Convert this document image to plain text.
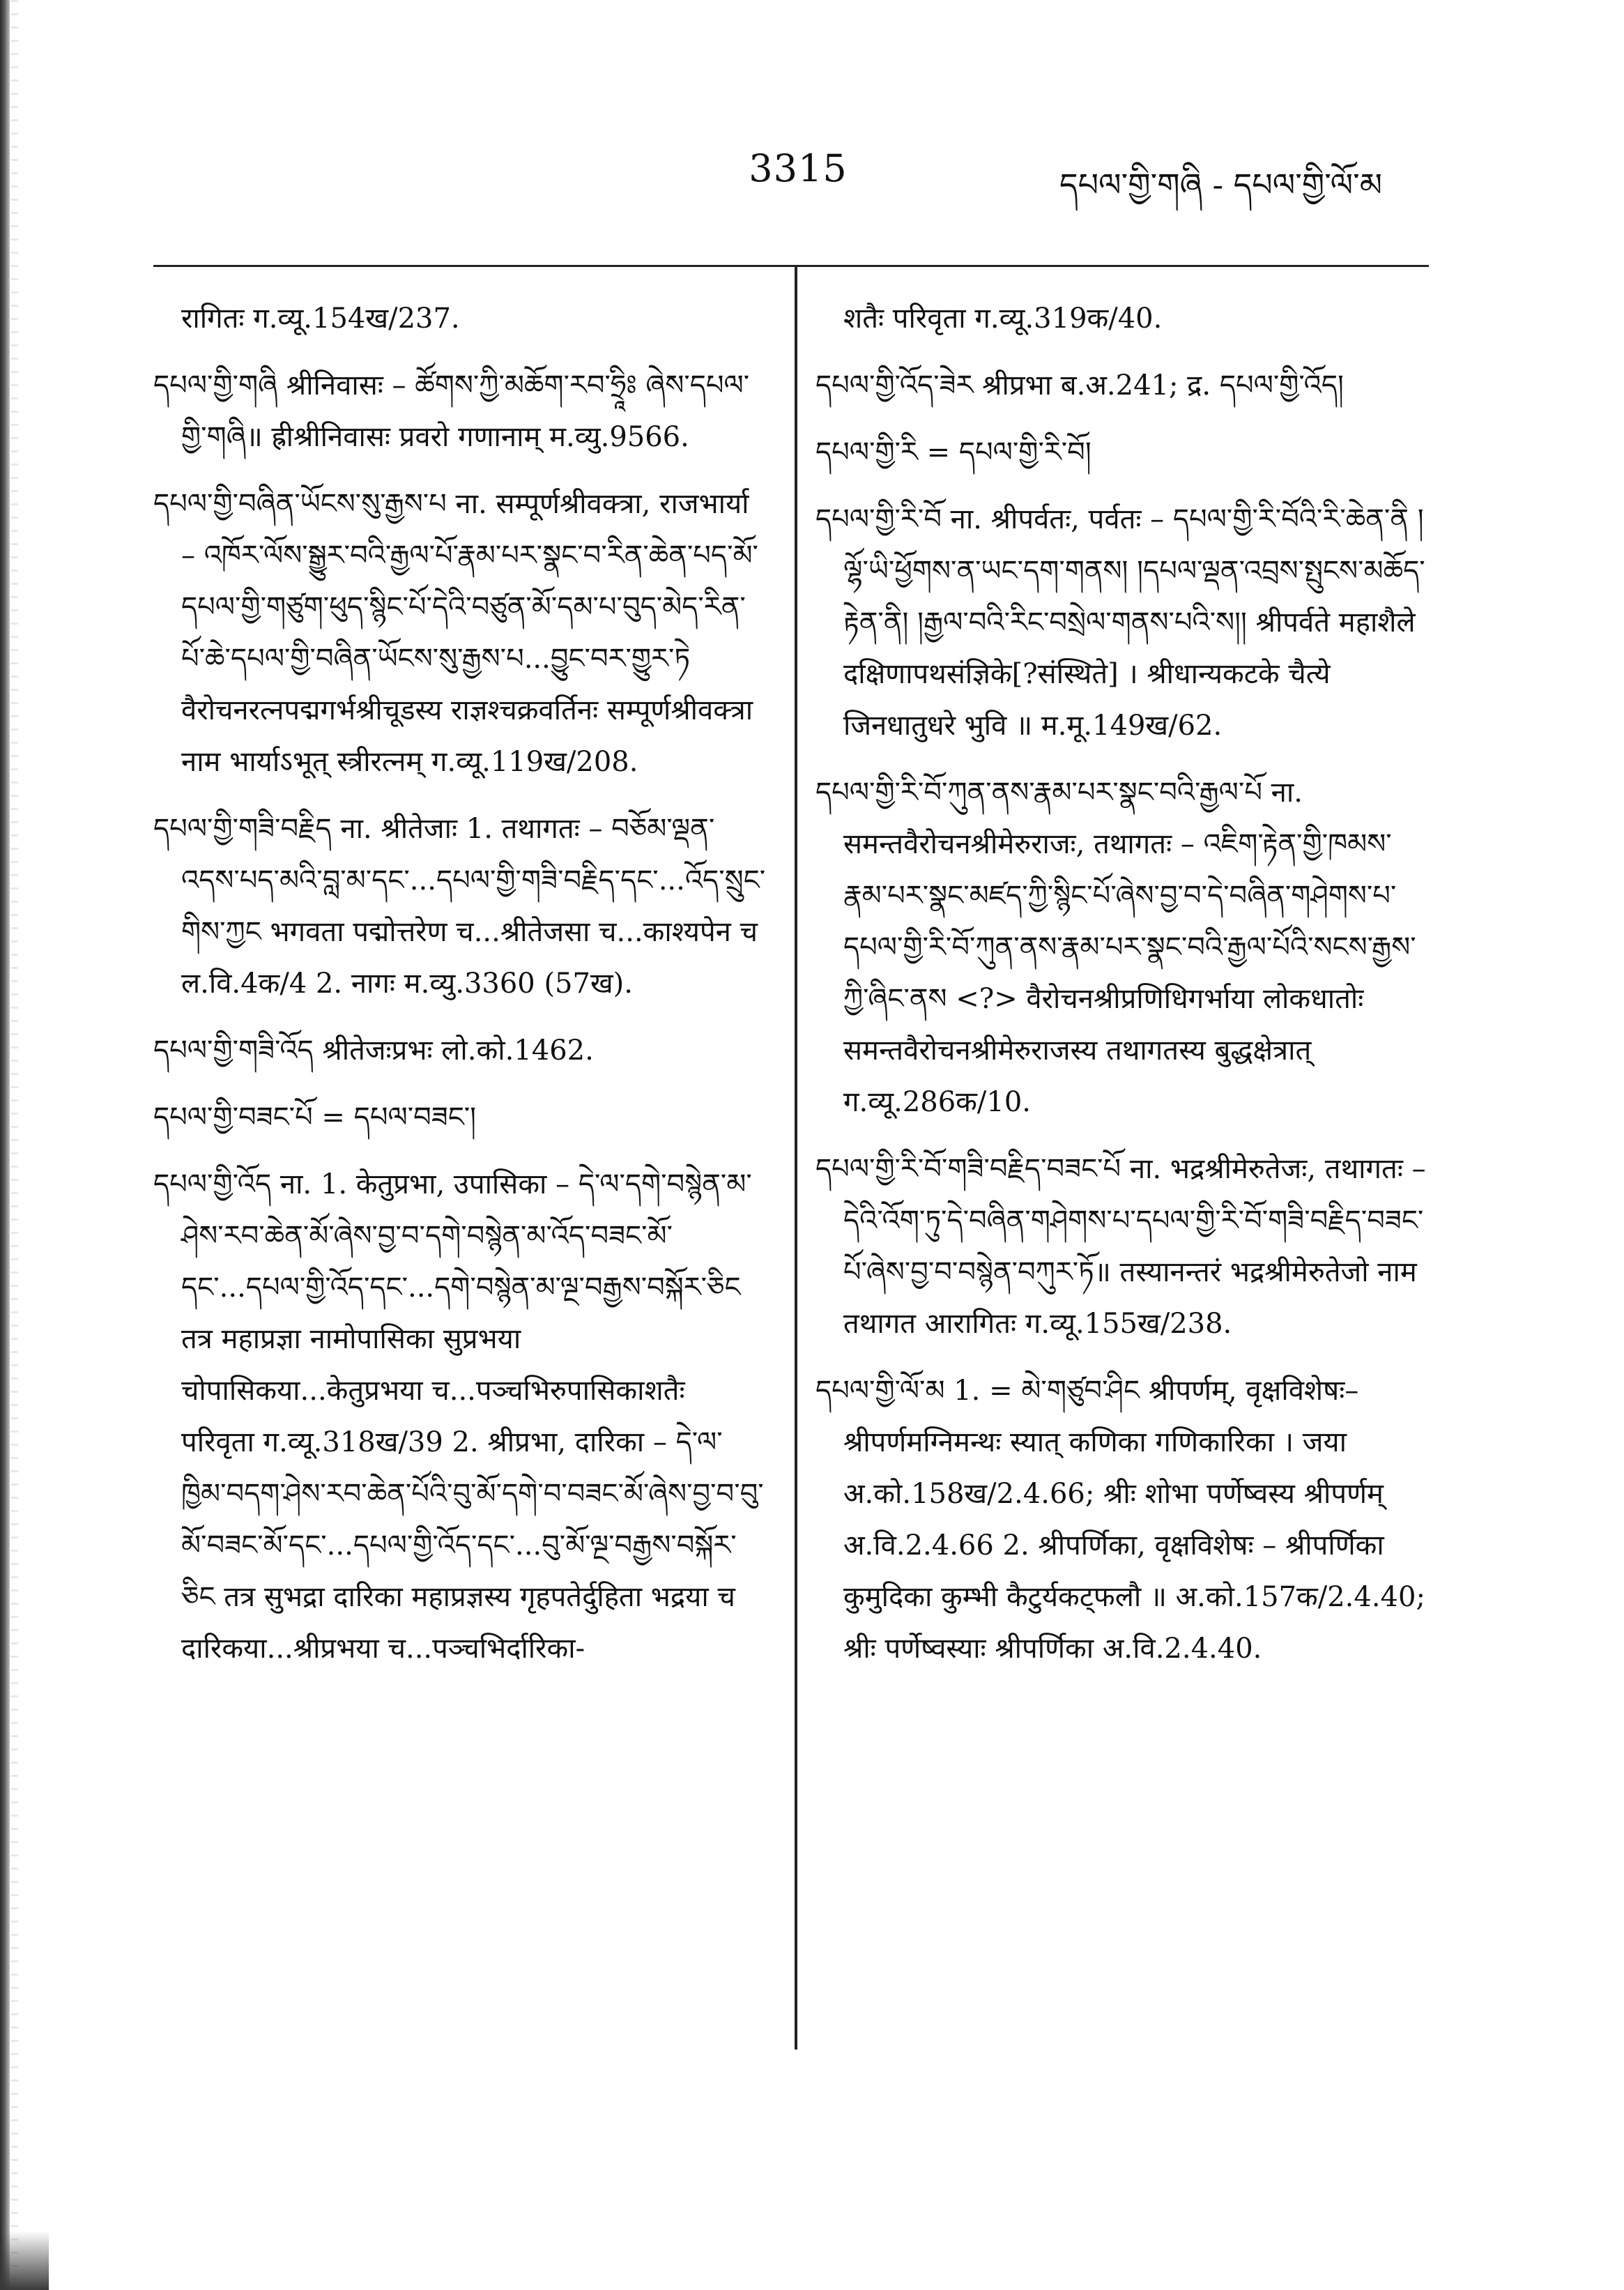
3315	དཔལ་གྱི་གཞི - དཔལ་གྱི་ལོ་མ

रागितः ग.व्यू.154ख/237.

དཔལ་གྱི་གཞི श्रीनिवासः – ཚོགས་ཀྱི་མཆོག་རབ་ཧྲཱིཿ ཞེས་དཔལ་གྱི་གཞི॥ ह्रीश्रीनिवासः प्रवरो गणानाम् म.व्यु.9566.

དཔལ་གྱི་བཞིན་ཡོངས་སུ་རྒྱས་པ ना. सम्पूर्णश्रीवक्त्रा, राजभार्या – འཁོར་ལོས་སྒྱུར་བའི་རྒྱལ་པོ་རྣམ་པར་སྣང་བ་རིན་ཆེན་པད་མོ་དཔལ་གྱི་གཙུག་ཕུད་སྙིང་པོ་དེའི་བཙུན་མོ་དམ་པ་བུད་མེད་རིན་པོ་ཆེ་དཔལ་གྱི་བཞིན་ཡོངས་སུ་རྒྱས་པ...བྱུང་བར་གྱུར་ཏེ वैरोचनरत्नपद्मगर्भश्रीचूडस्य राज्ञश्चक्रवर्तिनः सम्पूर्णश्रीवक्त्रा नाम भार्याऽभूत् स्त्रीरत्नम् ग.व्यू.119ख/208.

དཔལ་གྱི་གཟི་བརྗིད ना. श्रीतेजाः 1. तथागतः – བཅོམ་ལྡན་འདས་པད་མའི་བླ་མ་དང་...དཔལ་གྱི་གཟི་བརྗིད་དང་...འོད་སྲུང་གིས་ཀྱང भगवता पद्मोत्तरेण च...श्रीतेजसा च...काश्यपेन च ल.वि.4क/4 2. नागः म.व्यु.3360 (57ख).

དཔལ་གྱི་གཟི་འོད श्रीतेजःप्रभः लो.को.1462.

དཔལ་གྱི་བཟང་པོ = དཔལ་བཟང་།

དཔལ་གྱི་འོད ना. 1. केतुप्रभा, उपासिका – དེ་ལ་དགེ་བསྙེན་མ་ཤེས་རབ་ཆེན་མོ་ཞེས་བྱ་བ་དགེ་བསྙེན་མ་འོད་བཟང་མོ་དང་...དཔལ་གྱི་འོད་དང་...དགེ་བསྙེན་མ་ལྔ་བརྒྱས་བསྐོར་ཅིང तत्र महाप्रज्ञा नामोपासिका सुप्रभया चोपासिकया...केतुप्रभया च...पञ्चभिरुपासिकाशतैः परिवृता ग.व्यू.318ख/39 2. श्रीप्रभा, दारिका – དེ་ལ་ཁྱིམ་བདག་ཤེས་རབ་ཆེན་པོའི་བུ་མོ་དགེ་བ་བཟང་མོ་ཞེས་བྱ་བ་བུ་མོ་བཟང་མོ་དང་...དཔལ་གྱི་འོད་དང་...བུ་མོ་ལྔ་བརྒྱས་བསྐོར་ཅིང तत्र सुभद्रा दारिका महाप्रज्ञस्य गृहपतेर्दुहिता भद्रया च दारिकया...श्रीप्रभया च...पञ्चभिर्दारिका-

शतैः परिवृता ग.व्यू.319क/40.

དཔལ་གྱི་འོད་ཟེར श्रीप्रभा ब.अ.241; द्र. དཔལ་གྱི་འོད།

དཔལ་གྱི་རི = དཔལ་གྱི་རི་བོ།

དཔལ་གྱི་རི་བོ ना. श्रीपर्वतः, पर्वतः – དཔལ་གྱི་རི་བོའི་རི་ཆེན་ནི །ལྷོ་ཡི་ཕྱོགས་ན་ཡང་དག་གནས། །དཔལ་ལྡན་འབྲས་སྤུངས་མཆོད་རྟེན་ནི། །རྒྱལ་བའི་རིང་བསྲེལ་གནས་པའི་ས།། श्रीपर्वते महाशैले दक्षिणापथसंज्ञिके[?संस्थिते] । श्रीधान्यकटके चैत्ये जिनधातुधरे भुवि ॥ म.मू.149ख/62.

དཔལ་གྱི་རི་བོ་ཀུན་ནས་རྣམ་པར་སྣང་བའི་རྒྱལ་པོ ना. समन्तवैरोचनश्रीमेरुराजः, तथागतः – འཇིག་རྟེན་གྱི་ཁམས་རྣམ་པར་སྣང་མཛད་ཀྱི་སྙིང་པོ་ཞེས་བྱ་བ་དེ་བཞིན་གཤེགས་པ་དཔལ་གྱི་རི་བོ་ཀུན་ནས་རྣམ་པར་སྣང་བའི་རྒྱལ་པོའི་སངས་རྒྱས་ཀྱི་ཞིང་ནས <?> वैरोचनश्रीप्रणिधिगर्भाया लोकधातोः समन्तवैरोचनश्रीमेरुराजस्य तथागतस्य बुद्धक्षेत्रात् ग.व्यू.286क/10.

དཔལ་གྱི་རི་བོ་གཟི་བརྗིད་བཟང་པོ ना. भद्रश्रीमेरुतेजः, तथागतः – དེའི་འོག་ཏུ་དེ་བཞིན་གཤེགས་པ་དཔལ་གྱི་རི་བོ་གཟི་བརྗིད་བཟང་པོ་ཞེས་བྱ་བ་བསྙེན་བཀུར་ཏོ॥ तस्यानन्तरं भद्रश्रीमेरुतेजो नाम तथागत आरागितः ग.व्यू.155ख/238.

དཔལ་གྱི་ལོ་མ 1. = མེ་གཙུབ་ཤིང श्रीपर्णम्, वृक्षविशेषः– श्रीपर्णमग्निमन्थः स्यात् कणिका गणिकारिका । जया अ.को.158ख/2.4.66; श्रीः शोभा पर्णेष्वस्य श्रीपर्णम् अ.वि.2.4.66 2. श्रीपर्णिका, वृक्षविशेषः – श्रीपर्णिका कुमुदिका कुम्भी कैटुर्यकट्फलौ ॥ अ.को.157क/2.4.40; श्रीः पर्णेष्वस्याः श्रीपर्णिका अ.वि.2.4.40.
